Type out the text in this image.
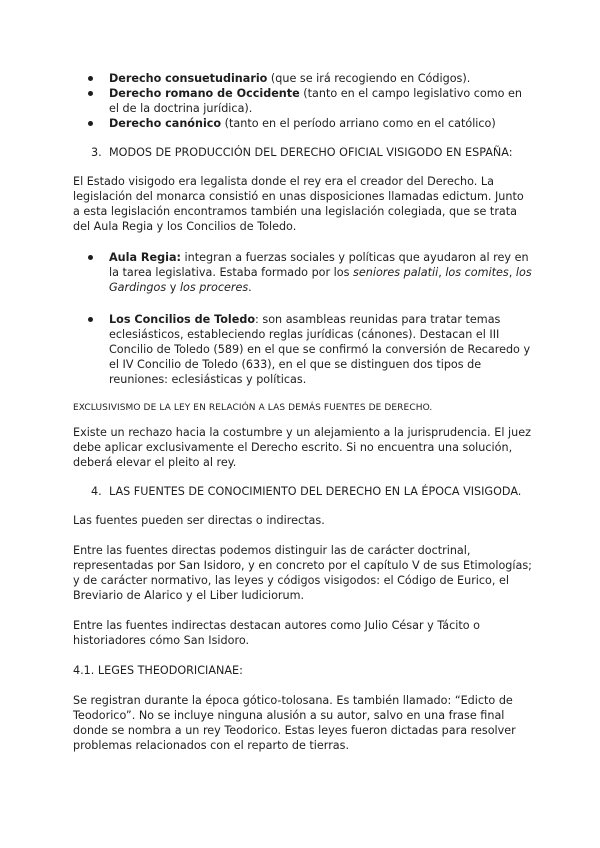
Derecho consuetudinario (que se irá recogiendo en Códigos).
Derecho romano de Occidente (tanto en el campo legislativo como en el de la doctrina jurídica).
Derecho canónico (tanto en el período arriano como en el católico)
3. MODOS DE PRODUCCIÓN DEL DERECHO OFICIAL VISIGODO EN ESPAÑA:

El Estado visigodo era legalista donde el rey era el creador del Derecho. La legislación del monarca consistió en unas disposiciones llamadas edictum. Junto a esta legislación encontramos también una legislación colegiada, que se trata del Aula Regia y los Concilios de Toledo.

Aula Regia: integran a fuerzas sociales y políticas que ayudaron al rey en la tarea legislativa. Estaba formado por los seniores palatii, los comites, los Gardingos y los proceres.
Los Concilios de Toledo: son asambleas reunidas para tratar temas eclesiásticos, estableciendo reglas jurídicas (cánones). Destacan el III Concilio de Toledo (589) en el que se confirmó la conversión de Recaredo y el IV Concilio de Toledo (633), en el que se distinguen dos tipos de reuniones: eclesiásticas y políticas.

EXCLUSIVISMO DE LA LEY EN RELACIÓN A LAS DEMÁS FUENTES DE DERECHO.

Existe un rechazo hacia la costumbre y un alejamiento a la jurisprudencia. El juez debe aplicar exclusivamente el Derecho escrito. Si no encuentra una solución, deberá elevar el pleito al rey.

4. LAS FUENTES DE CONOCIMIENTO DEL DERECHO EN LA ÉPOCA VISIGODA.

Las fuentes pueden ser directas o indirectas.

Entre las fuentes directas podemos distinguir las de carácter doctrinal, representadas por San Isidoro, y en concreto por el capítulo V de sus Etimologías; y de carácter normativo, las leyes y códigos visigodos: el Código de Eurico, el Breviario de Alarico y el Liber Iudiciorum.

Entre las fuentes indirectas destacan autores como Julio César y Tácito o historiadores cómo San Isidoro.

4.1. LEGES THEODORICIANAE:

Se registran durante la época gótico-tolosana. Es también llamado: “Edicto de Teodorico”. No se incluye ninguna alusión a su autor, salvo en una frase final donde se nombra a un rey Teodorico. Estas leyes fueron dictadas para resolver problemas relacionados con el reparto de tierras.
